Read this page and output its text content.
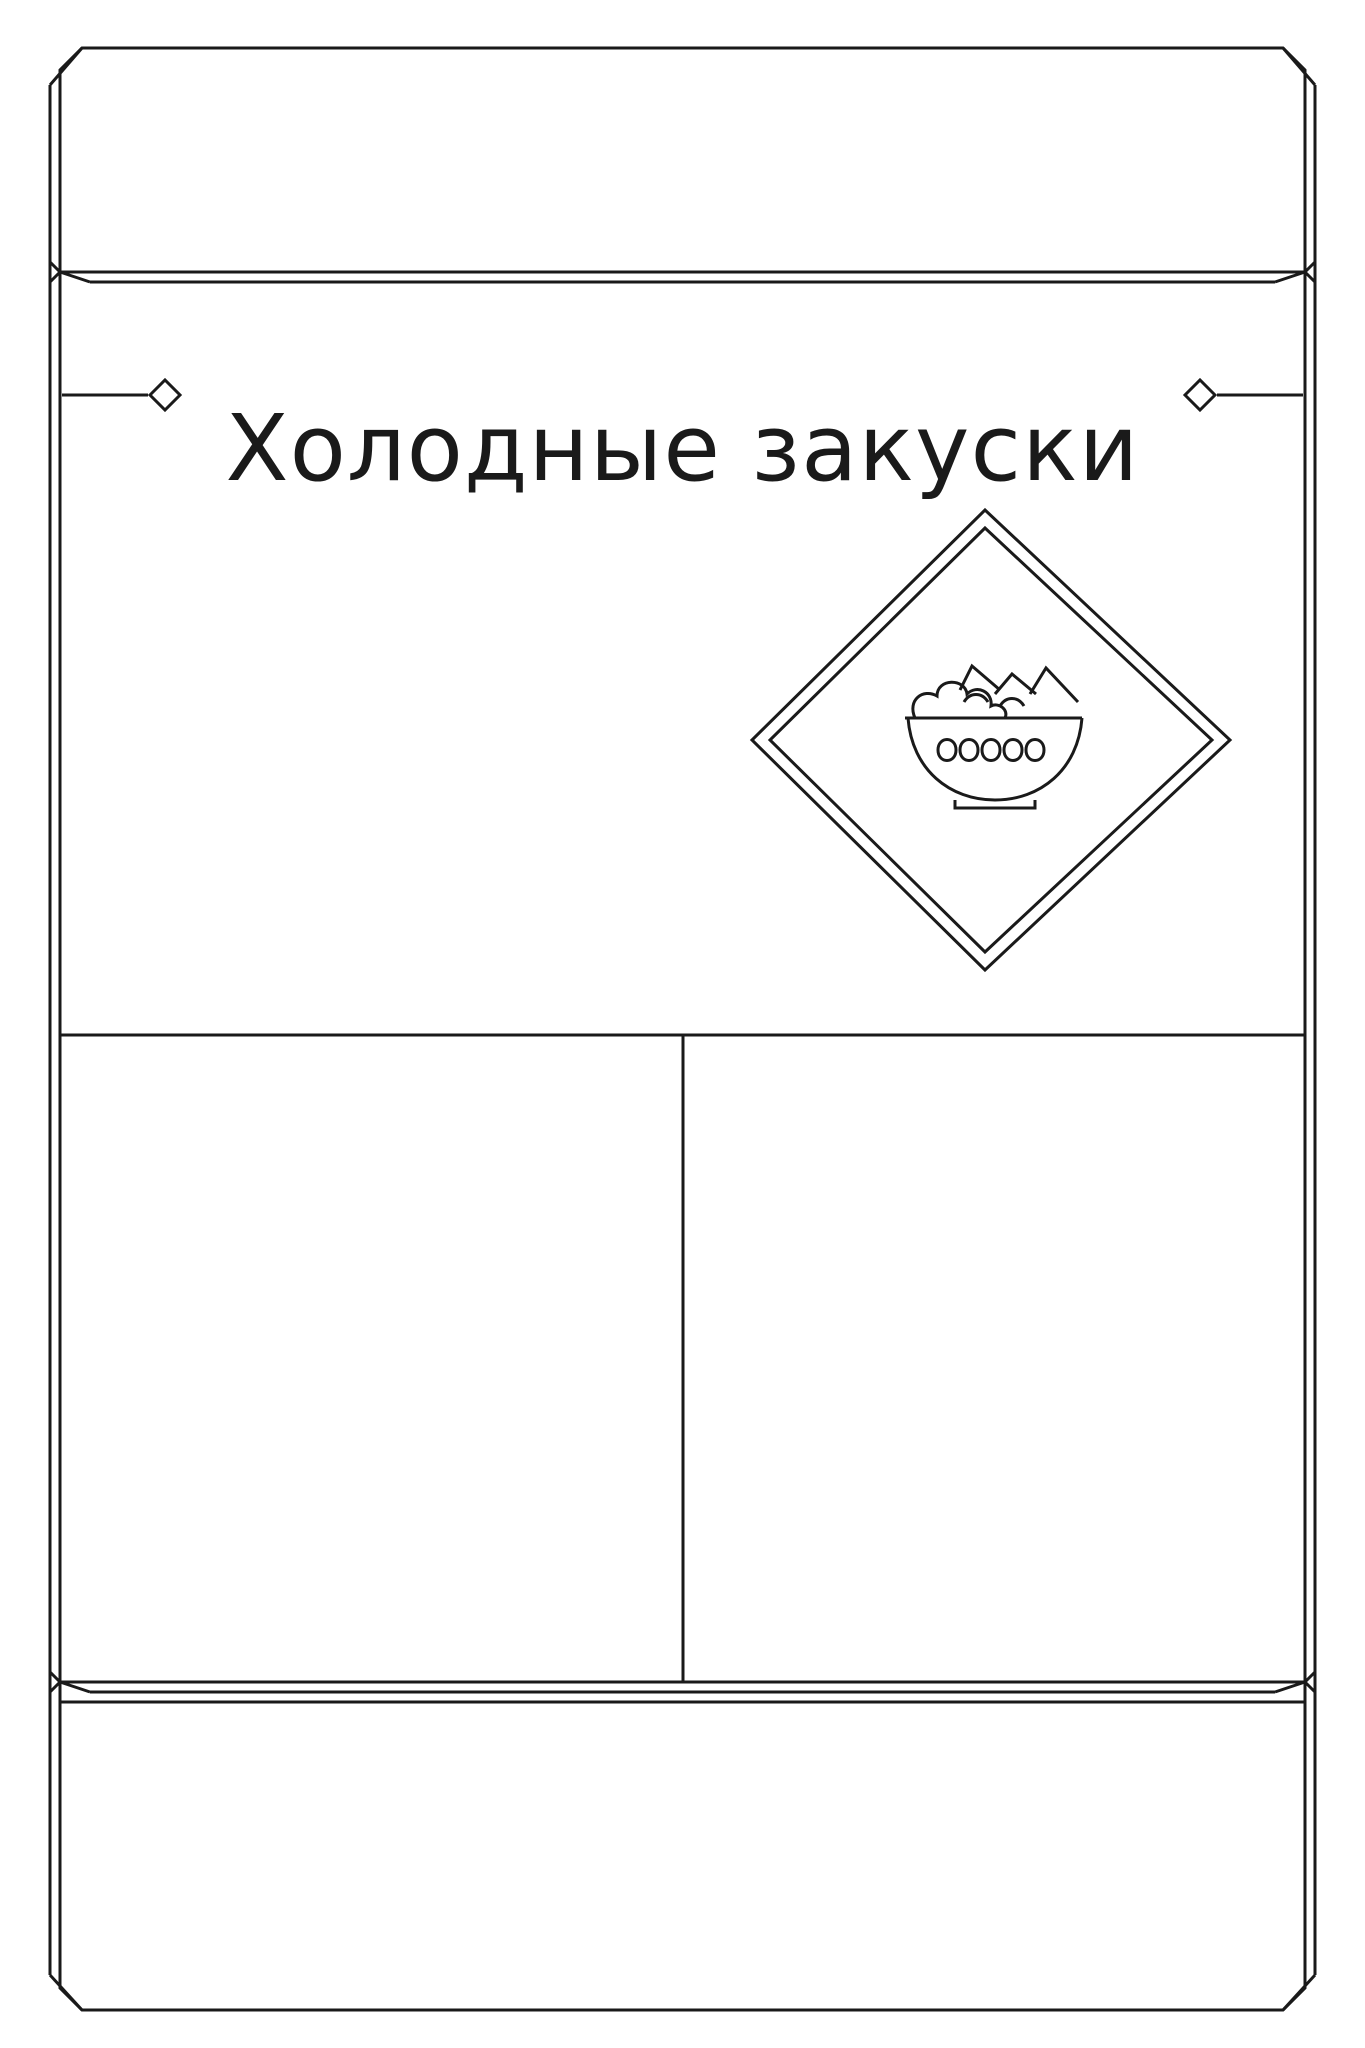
Холодные закуски
